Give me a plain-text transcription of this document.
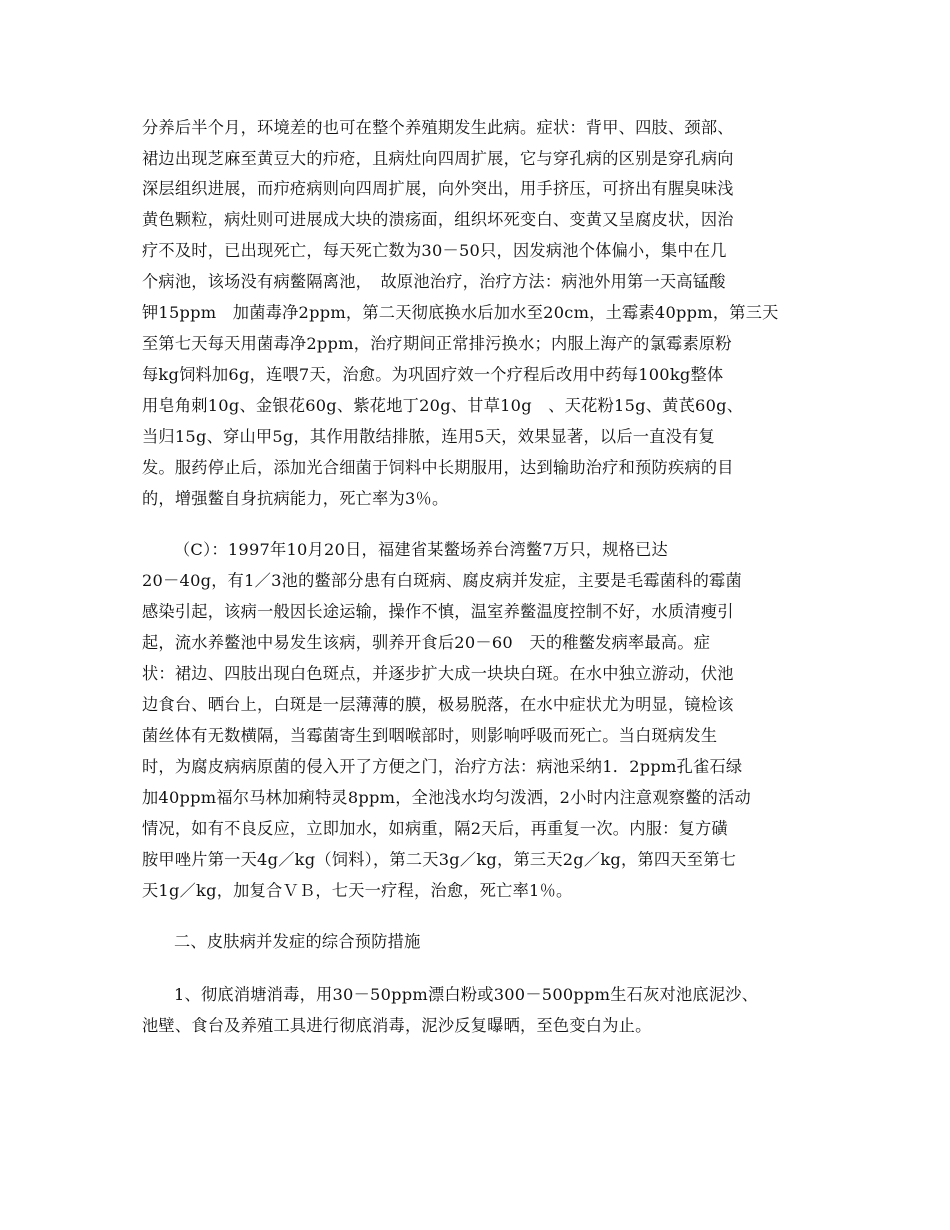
分养后半个月，环境差的也可在整个养殖期发生此病。症状：背甲、四肢、颈部、
裙边出现芝麻至黄豆大的疖疮，且病灶向四周扩展，它与穿孔病的区别是穿孔病向
深层组织进展，而疖疮病则向四周扩展，向外突出，用手挤压，可挤出有腥臭味浅
黄色颗粒，病灶则可进展成大块的溃疡面，组织坏死变白、变黄又呈腐皮状，因治
疗不及时，已出现死亡，每天死亡数为30－50只，因发病池个体偏小，集中在几
个病池，该场没有病鳖隔离池，　故原池治疗，治疗方法：病池外用第一天高锰酸
钾15ppm　加菌毒净2ppm，第二天彻底换水后加水至20cm，土霉素40ppm，第三天
至第七天每天用菌毒净2ppm，治疗期间正常排污换水；内服上海产的氯霉素原粉
每kg饲料加6g，连喂7天，治愈。为巩固疗效一个疗程后改用中药每100kg整体
用皂角刺10g、金银花60g、紫花地丁20g、甘草10g　、天花粉15g、黄芪60g、
当归15g、穿山甲5g，其作用散结排脓，连用5天，效果显著，以后一直没有复
发。服药停止后，添加光合细菌于饲料中长期服用，达到输助治疗和预防疾病的目
的，增强鳖自身抗病能力，死亡率为3％。
（C）：1997年10月20日，福建省某鳖场养台湾鳖7万只，规格已达
20－40g，有1／3池的鳖部分患有白斑病、腐皮病并发症，主要是毛霉菌科的霉菌
感染引起，该病一般因长途运输，操作不慎，温室养鳖温度控制不好，水质清瘦引
起，流水养鳖池中易发生该病，驯养开食后20－60　天的稚鳖发病率最高。症
状：裙边、四肢出现白色斑点，并逐步扩大成一块块白斑。在水中独立游动，伏池
边食台、晒台上，白斑是一层薄薄的膜，极易脱落，在水中症状尤为明显，镜检该
菌丝体有无数横隔，当霉菌寄生到咽喉部时，则影响呼吸而死亡。当白斑病发生
时，为腐皮病病原菌的侵入开了方便之门，治疗方法：病池采纳1．2ppm孔雀石绿
加40ppm福尔马林加痢特灵8ppm，全池浅水均匀泼洒，2小时内注意观察鳖的活动
情况，如有不良反应，立即加水，如病重，隔2天后，再重复一次。内服：复方磺
胺甲唑片第一天4g／kg（饲料），第二天3g／kg，第三天2g／kg，第四天至第七
天1g／kg，加复合ＶＢ，七天一疗程，治愈，死亡率1％。
二、皮肤病并发症的综合预防措施
1、彻底消塘消毒，用30－50ppm漂白粉或300－500ppm生石灰对池底泥沙、
池壁、食台及养殖工具进行彻底消毒，泥沙反复曝晒，至色变白为止。
